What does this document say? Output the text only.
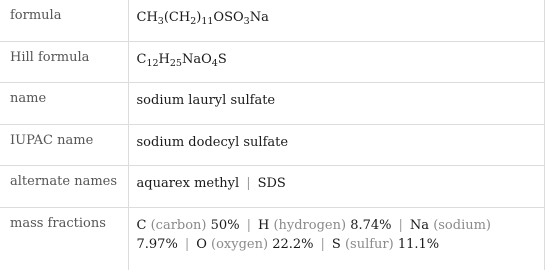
formula	$CH_3(CH_2)_{11}OSO_3Na$
Hill formula	$C_{12}H_{25}NaO_4S$
name	sodium lauryl sulfate
IUPAC name	sodium dodecyl sulfate
alternate names	aquarex methyl | SDS
mass fractions	C (carbon) 50% | H (hydrogen) 8.74% | Na (sodium)
7.97% | O (oxygen) 22.2% | S (sulfur) 11.1%
